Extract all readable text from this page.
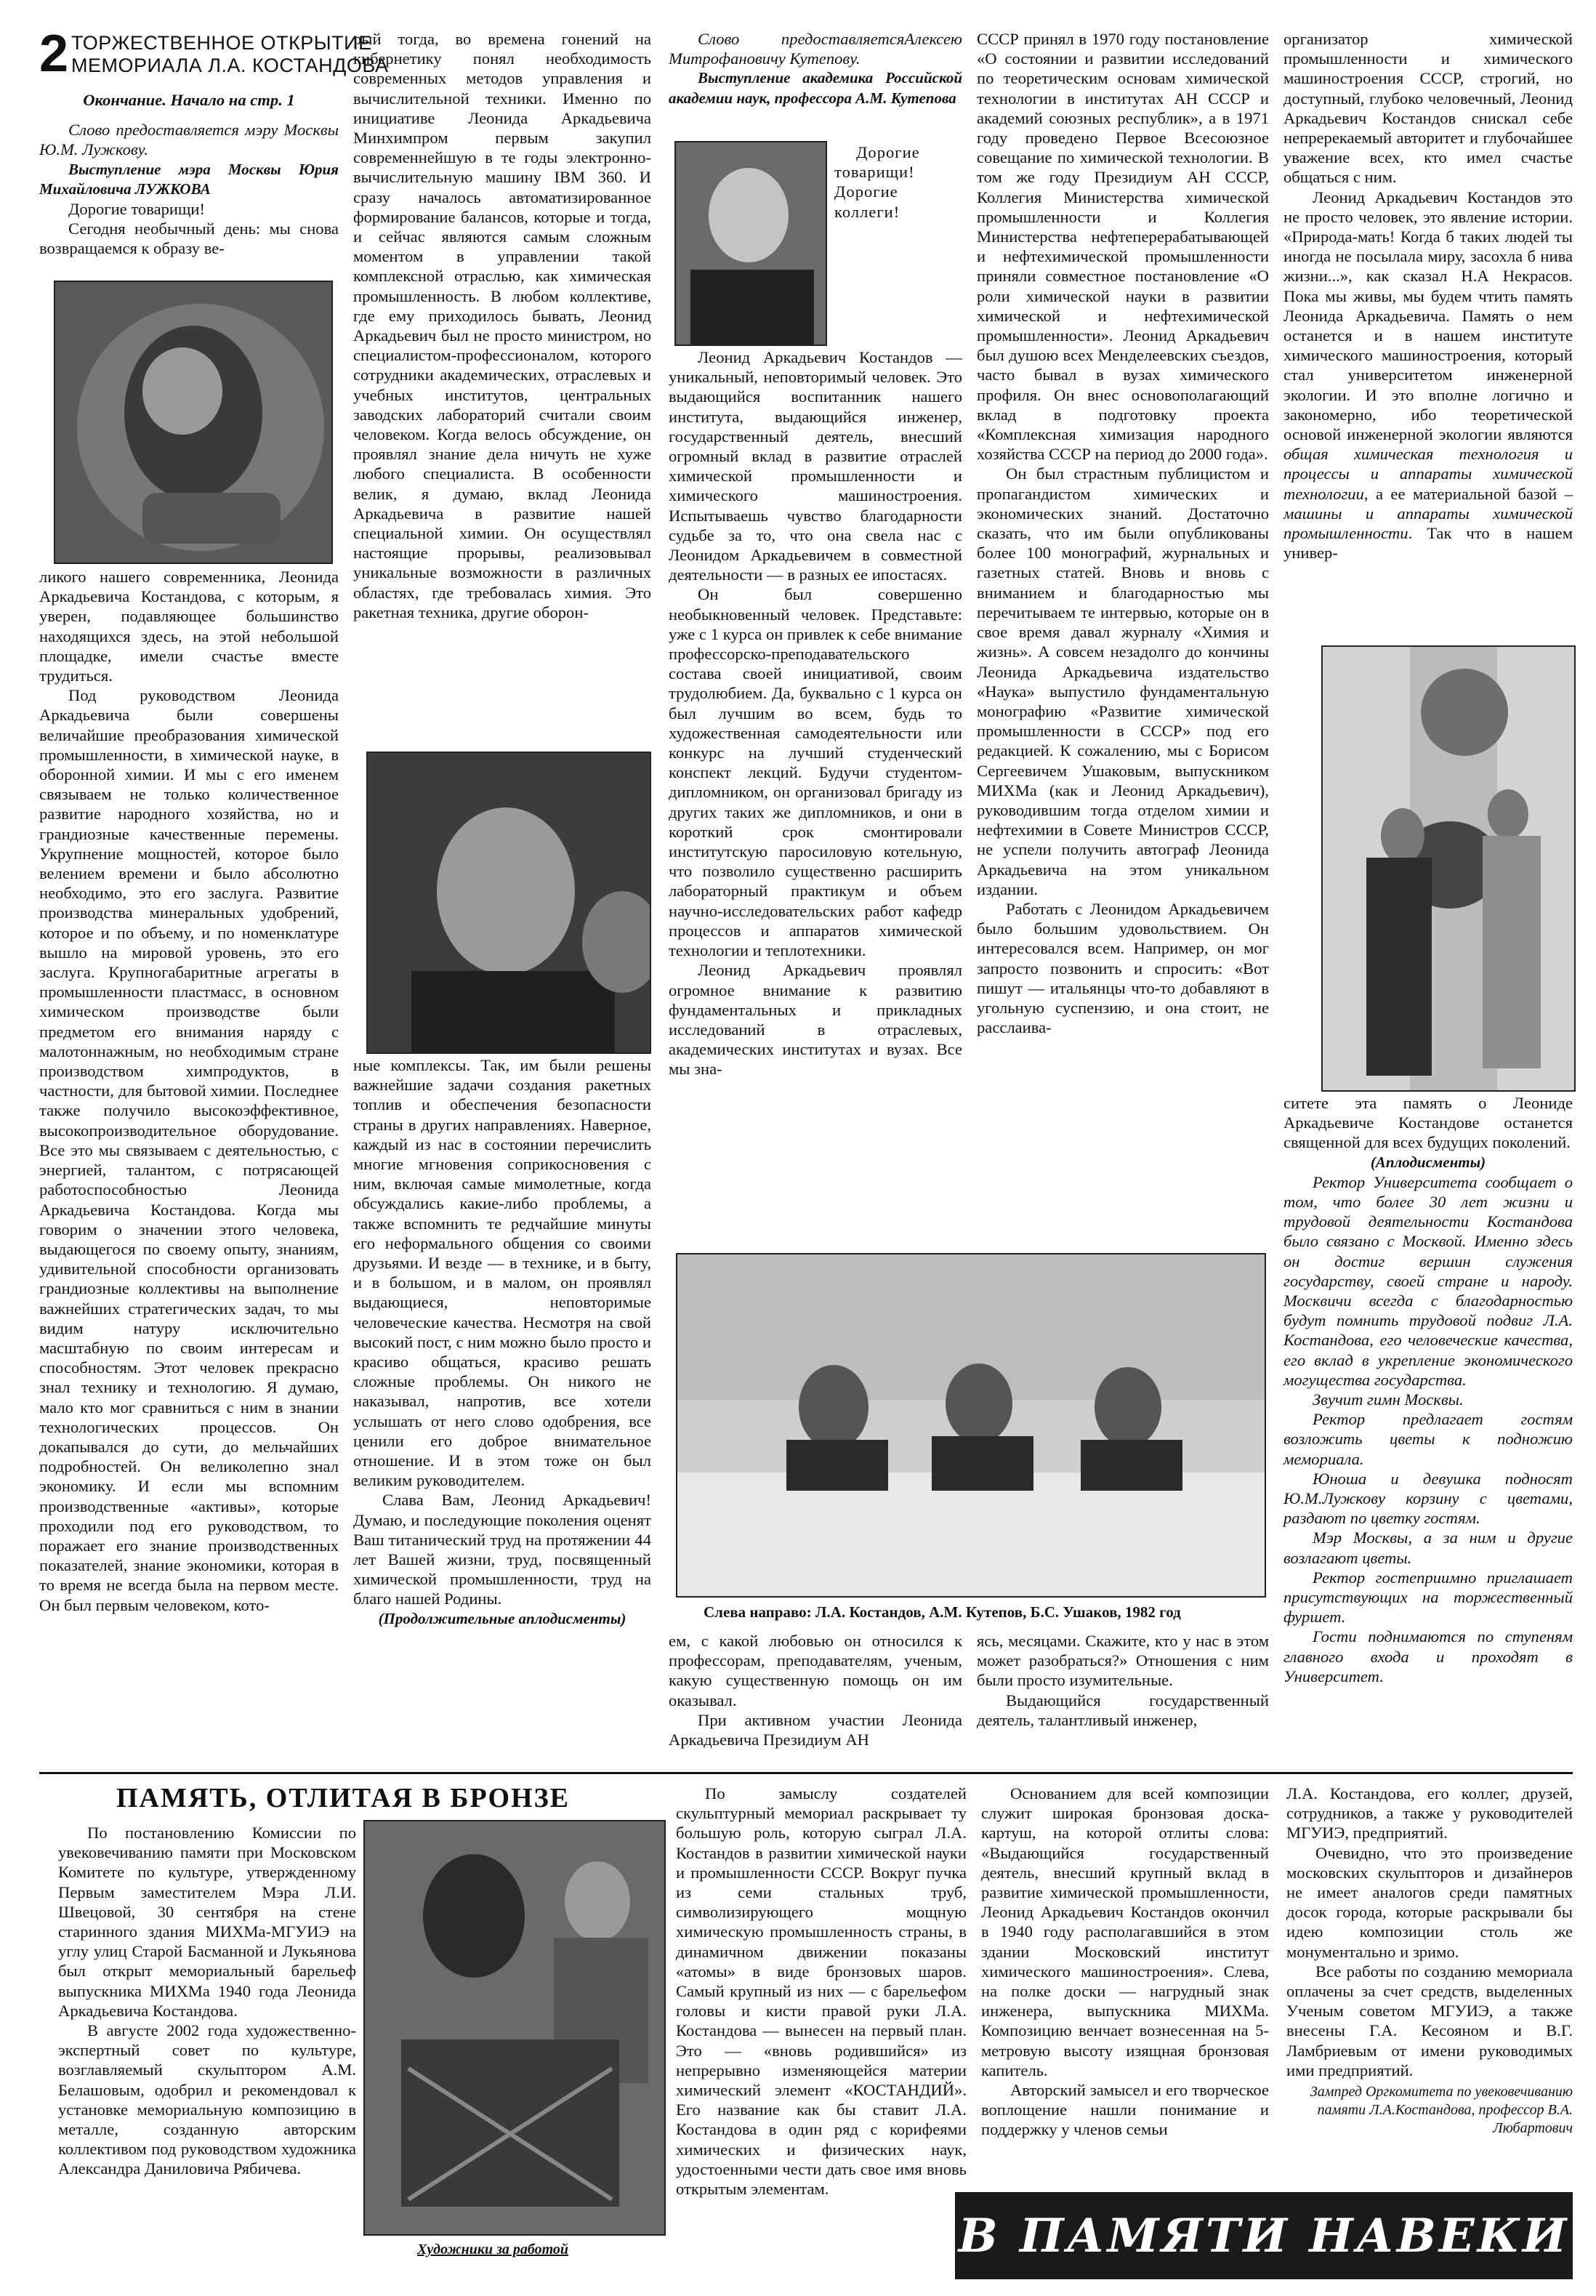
2 ТОРЖЕСТВЕННОЕ ОТКРЫТИЕ
МЕМОРИАЛА Л.А. КОСТАНДОВА

Окончание. Начало на стр. 1

Слово предоставляется мэру Москвы Ю.М. Лужкову.

Выступление мэра Москвы Юрия Михайловича ЛУЖКОВА

Дорогие товарищи!

Сегодня необычный день: мы снова возвращаемся к образу ве-

ликого нашего современника, Леонида Аркадьевича Костандова, с которым, я уверен, подавляющее большинство находящихся здесь, на этой небольшой площадке, имели счастье вместе трудиться.

Под руководством Леонида Аркадьевича были совершены величайшие преобразования химической промышленности, в химической науке, в оборонной химии. И мы с его именем связываем не только количественное развитие народного хозяйства, но и грандиозные качественные перемены. Укрупнение мощностей, которое было велением времени и было абсолютно необходимо, это его заслуга. Развитие производства минеральных удобрений, которое и по объему, и по номенклатуре вышло на мировой уровень, это его заслуга. Крупногабаритные агрегаты в промышленности пластмасс, в основном химическом производстве были предметом его внимания наряду с малотоннажным, но необходимым стране производством химпродуктов, в частности, для бытовой химии. Последнее также получило высокоэффективное, высокопроизводительное оборудование. Все это мы связываем с деятельностью, с энергией, талантом, с потрясающей работоспособностью Леонида Аркадьевича Костандова. Когда мы говорим о значении этого человека, выдающегося по своему опыту, знаниям, удивительной способности организовать грандиозные коллективы на выполнение важнейших стратегических задач, то мы видим натуру исключительно масштабную по своим интересам и способностям. Этот человек прекрасно знал технику и технологию. Я думаю, мало кто мог сравниться с ним в знании технологических процессов. Он докапывался до сути, до мельчайших подробностей. Он великолепно знал экономику. И если мы вспомним производственные «активы», которые проходили под его руководством, то поражает его знание производственных показателей, знание экономики, которая в то время не всегда была на первом месте. Он был первым человеком, кото-

рый тогда, во времена гонений на кибернетику понял необходимость современных методов управления и вычислительной техники. Именно по инициативе Леонида Аркадьевича Минхимпром первым закупил современнейшую в те годы электронно-вычислительную машину IBM 360. И сразу началось автоматизированное формирование балансов, которые и тогда, и сейчас являются самым сложным моментом в управлении такой комплексной отраслью, как химическая промышленность. В любом коллективе, где ему приходилось бывать, Леонид Аркадьевич был не просто министром, но специалистом-профессионалом, которого сотрудники академических, отраслевых и учебных институтов, центральных заводских лабораторий считали своим человеком. Когда велось обсуждение, он проявлял знание дела ничуть не хуже любого специалиста. В особенности велик, я думаю, вклад Леонида Аркадьевича в развитие нашей специальной химии. Он осуществлял настоящие прорывы, реализовывал уникальные возможности в различных областях, где требовалась химия. Это ракетная техника, другие оборон-

ные комплексы. Так, им были решены важнейшие задачи создания ракетных топлив и обеспечения безопасности страны в других направлениях. Наверное, каждый из нас в состоянии перечислить многие мгновения соприкосновения с ним, включая самые мимолетные, когда обсуждались какие-либо проблемы, а также вспомнить те редчайшие минуты его неформального общения со своими друзьями. И везде — в технике, и в быту, и в большом, и в малом, он проявлял выдающиеся, неповторимые человеческие качества. Несмотря на свой высокий пост, с ним можно было просто и красиво общаться, красиво решать сложные проблемы. Он никого не наказывал, напротив, все хотели услышать от него слово одобрения, все ценили его доброе внимательное отношение. И в этом тоже он был великим руководителем.

Слава Вам, Леонид Аркадьевич! Думаю, и последующие поколения оценят Ваш титанический труд на протяжении 44 лет Вашей жизни, труд, посвященный химической промышленности, труд на благо нашей Родины.

(Продолжительные аплодисменты)

Слово предоставляетсяАлексею Митрофановичу Кутепову.

Выступление академика Российской академии наук, профессора А.М. Кутепова

Дорогие товарищи! Дорогие коллеги!

Леонид Аркадьевич Костандов — уникальный, неповторимый человек. Это выдающийся воспитанник нашего института, выдающийся инженер, государственный деятель, внесший огромный вклад в развитие отраслей химической промышленности и химического машиностроения. Испытываешь чувство благодарности судьбе за то, что она свела нас с Леонидом Аркадьевичем в совместной деятельности — в разных ее ипостасях.

Он был совершенно необыкновенный человек. Представьте: уже с 1 курса он привлек к себе внимание профессорско-преподавательского состава своей инициативой, своим трудолюбием. Да, буквально с 1 курса он был лучшим во всем, будь то художественная самодеятельности или конкурс на лучший студенческий конспект лекций. Будучи студентом-дипломником, он организовал бригаду из других таких же дипломников, и они в короткий срок смонтировали институтскую паросиловую котельную, что позволило существенно расширить лабораторный практикум и объем научно-исследовательских работ кафедр процессов и аппаратов химической технологии и теплотехники.

Леонид Аркадьевич проявлял огромное внимание к развитию фундаментальных и прикладных исследований в отраслевых, академических институтах и вузах. Все мы зна-

СССР принял в 1970 году постановление «О состоянии и развитии исследований по теоретическим основам химической технологии в институтах АН СССР и академий союзных республик», а в 1971 году проведено Первое Всесоюзное совещание по химической технологии. В том же году Президиум АН СССР, Коллегия Министерства химической промышленности и Коллегия Министерства нефтеперерабатывающей и нефтехимической промышленности приняли совместное постановление «О роли химической науки в развитии химической и нефтехимической промышленности». Леонид Аркадьевич был душою всех Менделеевских съездов, часто бывал в вузах химического профиля. Он внес основополагающий вклад в подготовку проекта «Комплексная химизация народного хозяйства СССР на период до 2000 года».

Он был страстным публицистом и пропагандистом химических и экономических знаний. Достаточно сказать, что им были опубликованы более 100 монографий, журнальных и газетных статей. Вновь и вновь с вниманием и благодарностью мы перечитываем те интервью, которые он в свое время давал журналу «Химия и жизнь». А совсем незадолго до кончины Леонида Аркадьевича издательство «Наука» выпустило фундаментальную монографию «Развитие химической промышленности в СССР» под его редакцией. К сожалению, мы с Борисом Сергеевичем Ушаковым, выпускником МИХМа (как и Леонид Аркадьевич), руководившим тогда отделом химии и нефтехимии в Совете Министров СССР, не успели получить автограф Леонида Аркадьевича на этом уникальном издании.

Работать с Леонидом Аркадьевичем было большим удовольствием. Он интересовался всем. Например, он мог запросто позвонить и спросить: «Вот пишут — итальянцы что-то добавляют в угольную суспензию, и она стоит, не расслаива-

Слева направо: Л.А. Костандов, А.М. Кутепов, Б.С. Ушаков, 1982 год

ем, с какой любовью он относился к профессорам, преподавателям, ученым, какую существенную помощь он им оказывал.

При активном участии Леонида Аркадьевича Президиум АН

ясь, месяцами. Скажите, кто у нас в этом может разобраться?» Отношения с ним были просто изумительные.

Выдающийся государственный деятель, талантливый инженер,

организатор химической промышленности и химического машиностроения СССР, строгий, но доступный, глубоко человечный, Леонид Аркадьевич Костандов снискал себе непререкаемый авторитет и глубочайшее уважение всех, кто имел счастье общаться с ним.

Леонид Аркадьевич Костандов это не просто человек, это явление истории. «Природа-мать! Когда б таких людей ты иногда не посылала миру, засохла б нива жизни...», как сказал Н.А Некрасов. Пока мы живы, мы будем чтить память Леонида Аркадьевича. Память о нем останется и в нашем институте химического машиностроения, который стал университетом инженерной экологии. И это вполне логично и закономерно, ибо теоретической основой инженерной экологии являются общая химическая технология и процессы и аппараты химической технологии, а ее материальной базой – машины и аппараты химической промышленности. Так что в нашем универ-

ситете эта память о Леониде Аркадьевиче Костандове останется священной для всех будущих поколений.

(Аплодисменты)

Ректор Университета сообщает о том, что более 30 лет жизни и трудовой деятельности Костандова было связано с Москвой. Именно здесь он достиг вершин служения государству, своей стране и народу. Москвичи всегда с благодарностью будут помнить трудовой подвиг Л.А. Костандова, его человеческие качества, его вклад в укрепление экономического могущества государства.

Звучит гимн Москвы.

Ректор предлагает гостям возложить цветы к подножию мемориала.

Юноша и девушка подносят Ю.М.Лужкову корзину с цветами, раздают по цветку гостям.

Мэр Москвы, а за ним и другие возлагают цветы.

Ректор гостеприимно приглашает присутствующих на торжественный фуршет.

Гости поднимаются по ступеням главного входа и проходят в Университет.

ПАМЯТЬ, ОТЛИТАЯ В БРОНЗЕ

По постановлению Комиссии по увековечиванию памяти при Московском Комитете по культуре, утвержденному Первым заместителем Мэра Л.И. Швецовой, 30 сентября на стене старинного здания МИХМа-МГУИЭ на углу улиц Старой Басманной и Лукьянова был открыт мемориальный барельеф выпускника МИХМа 1940 года Леонида Аркадьевича Костандова.

В августе 2002 года художественно-экспертный совет по культуре, возглавляемый скульптором А.М. Белашовым, одобрил и рекомендовал к установке мемориальную композицию в металле, созданную авторским коллективом под руководством художника Александра Даниловича Рябичева.

Художники за работой

По замыслу создателей скульптурный мемориал раскрывает ту большую роль, которую сыграл Л.А. Костандов в развитии химической науки и промышленности СССР. Вокруг пучка из семи стальных труб, символизирующего мощную химическую промышленность страны, в динамичном движении показаны «атомы» в виде бронзовых шаров. Самый крупный из них — с барельефом головы и кисти правой руки Л.А. Костандова — вынесен на первый план. Это — «вновь родившийся» из непрерывно изменяющейся материи химический элемент «КОСТАНДИЙ». Его название как бы ставит Л.А. Костандова в один ряд с корифеями химических и физических наук, удостоенными чести дать свое имя вновь открытым элементам.

Основанием для всей композиции служит широкая бронзовая доска-картуш, на которой отлиты слова: «Выдающийся государственный деятель, внесший крупный вклад в развитие химической промышленности, Леонид Аркадьевич Костандов окончил в 1940 году располагавшийся в этом здании Московский институт химического машиностроения». Слева, на полке доски — нагрудный знак инженера, выпускника МИХМа. Композицию венчает вознесенная на 5-метровую высоту изящная бронзовая капитель.

Авторский замысел и его творческое воплощение нашли понимание и поддержку у членов семьи

Л.А. Костандова, его коллег, друзей, сотрудников, а также у руководителей МГУИЭ, предприятий.

Очевидно, что это произведение московских скульпторов и дизайнеров не имеет аналогов среди памятных досок города, которые раскрывали бы идею композиции столь же монументально и зримо.

Все работы по созданию мемориала оплачены за счет средств, выделенных Ученым советом МГУИЭ, а также внесены Г.А. Кесояном и В.Г. Ламбриевым от имени руководимых ими предприятий.

Зампред Оргкомитета по увековечиванию памяти Л.А.Костандова, профессор В.А. Любартович

В ПАМЯТИ НАВЕКИ
